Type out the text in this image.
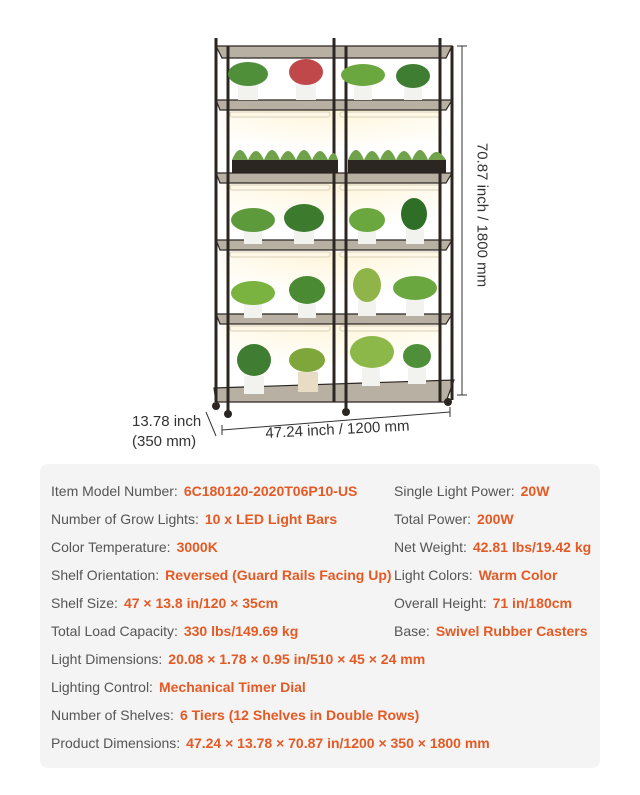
70.87 inch / 1800 mm
13.78 inch
(350 mm)	47.24 inch / 1200 mm
Item Model Number: 6C180120-2020T06P10-US
Number of Grow Lights: 10 x LED Light Bars
Color Temperature: 3000K
Shelf Orientation: Reversed (Guard Rails Facing Up)
Shelf Size: 47 × 13.8 in/120 × 35cm
Total Load Capacity: 330 lbs/149.69 kg
Light Dimensions: 20.08 × 1.78 × 0.95 in/510 × 45 × 24 mm
Lighting Control: Mechanical Timer Dial
Number of Shelves: 6 Tiers (12 Shelves in Double Rows)
Product Dimensions: 47.24 × 13.78 × 70.87 in/1200 × 350 × 1800 mm
Single Light Power: 20W
Total Power: 200W
Net Weight: 42.81 lbs/19.42 kg
Light Colors: Warm Color
Overall Height: 71 in/180cm
Base: Swivel Rubber Casters
